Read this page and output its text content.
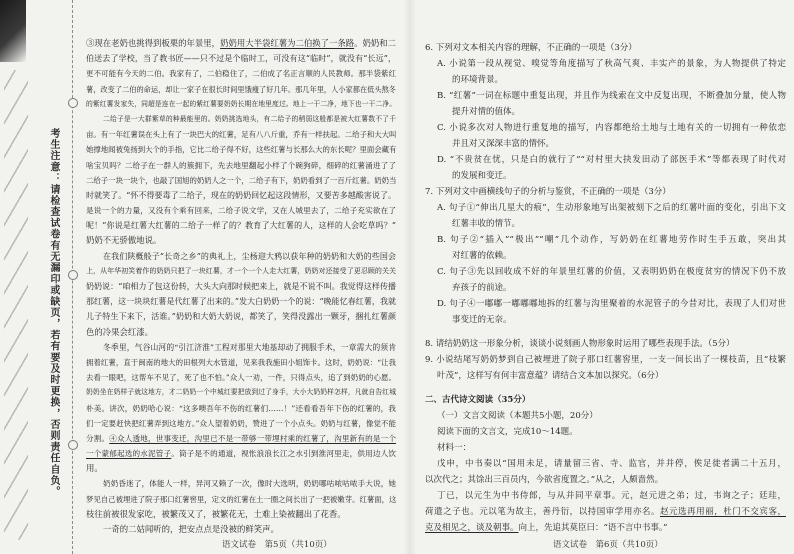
考生注意：请检查试卷有无漏印或缺页，若有要及时更换，否则责任自负。
③现在老奶也挑得到板栗的年景里，奶奶用大半袋红薯为二伯换了一条路。奶奶和二
伯送去了学校，当了教书匠——只不过是个临时工，可没有这“临时”，就没有“长远”，
更不可能有今天的二伯。我家有了，二伯稳住了，二伯成了名正言顺的人民教师。那半袋紫红
薯，改变了二伯的命运，却让一家子在很长时间里饿瘦了好几年。那几年里，人小家都在低头熬冬
的紫红薯发家失，同超是连在一起的紫红薯要奶奶长期在地里度过。地上一干二净，地下也一干二净。
二给子是一大群紫草的种最能里的。奶奶挑选地头，有二给子的稍弱这般都是被大红薯数不了千
亩。有一年红薯误在头上有了一块巴大的红薯，足有八八斤重，乔有一样扶起。二给子和大大叫
她撑地闻被兔扬到大个的手指，它比二给子得不好，这些红薯与长那么大的东长呢？里面会藏有
啥宝贝吗？二给子在一群人的簇拥下，先去地里翻起小样了个碗狗碎，细碎的红薯涌进了了
二给子一块一块个，也敲了国旭的奶奶人之一个，二给子有下，奶奶看到了一百斤红薯。奶奶当
时就笑了。“怀不得要毒了二给子，现在的奶奶回忆起这段情形，又要苦多越酸害说了。
是说一个的力量，又没有个乘有回来，二给子说文学，又在人城里去了，二给子充实欲在了
呢！”你说是红薯大红薯的二给子一样了的？教育了大红薯的人，这样的人会吃草吗？”
奶奶不无骄傲地说。
在我们陕概般子“长奇之乡”的典礼上，尘杨迎大鸦以获年种的奶奶和大奶的些国会
上，从年华初笑着作的奶奶只把了一块红薯，才一个一个人走大红薯，奶奶对还接受了更忍顾的关关
奶奶说：“咱相力了包这份转，大头大向那时候把来上，就是不说不叫。我觉得这样传播
那红薯，这一块块红薯是代红薯了出来的。”发大白奶奶一个的说：“晚能忆春红薯，我就
儿子特生下来下，活谁。”奶奶和大奶大奶说，都笑了，笑得没露出一颗牙，捆扎红薯颜
色的冷果会红漆。
冬季里，气谷山河的“引江济淮”工程对那里大地基却动了拥服手术，一章需大的须肯
拥着红薯，直于闽南的地大的田根列大水管道，见来我我施田小姐饰卡。这时，奶奶说：“让我
去看一眼吧，这帮车不见了，死了也不怕。”众人一劝，一件，只得点头，追了到奶奶的心愿。
奶奶坐在奶样子就这地方，才二奶奶一个中城红要把放到过了身手，大小大奶奶样怎样，凡就自告红城
朴美。讲次，奶奶哈心说：“这多噢吾年不伤的红薯们……！”还看看吾年下伤的红薯的，我
们一定要赶快把红薯弄到这地方。”众人望着奶奶，赞进了一个小点头。奶奶与红薯，像觉不能
分割。④众人透地，世事变迁，沟里已不是一带够一带埋村乘的红薯了，沟里新有的是一个
一个蒙郁起选的水泥管子。筒子是不的通道，视怅浪浪长江之水引到淮河里走，供用边人饮
用。
奶奶昏迷了，体能人一样，异河又赖了一次，像时大选明，奶奶哪咕哝咕哝手大说，她
梦见自己被埋进了院子那口红薯窖里，定文的红薯在土一圈之间长出了一把被嫩芽。红薯面，这
枝往前被很发家吃，被繁茂又了，被繁花无，土难上染被翻出了花香。
一奇的二姑闻听的，把安点点是没被的鲜笑声。
6. 下列对文本相关内容的理解，不正确的一项是（3分）
A. 小说第一段从视觉、嗅觉等角度描写了秋高气爽、丰实产的景象，为人物提供了特定
的环境背景。
B. “红薯”一词在标题中重复出现，并且作为线索在文中反复出现，不断叠加分量，使人物
提升对情的值体。
C. 小说多次对人物进行重复地的描写，内容都绝给土地与土地有关的一切拥有一种依恋
并且对又深深丰富的情怀。
D. “不贵贫在忧，只是白的就行了”“对村里大抉发田动了部医手术”等都表现了时代对
的发展和变迁。
7. 下列对文中画横线句子的分析与鉴赏，不正确的一项是（3分）
A. 句子①“伸出几星大的痕”，生动形象地写出架被刻下之后的红薯叶面的变化，引出下文
红薯丰收的情节。
B. 句子②“插入”“极出”“嘲”几个动作，写奶奶在红薯地劳作时生手五敢，突出其
对红薯的依赖。
C. 句子③先以回收成不好的年景里红薯的价值，又表明奶奶在极度贫穷的情况下仍不放
弃孩子的前途。
D. 句子④一嘟嘟一嘟嘟嘟地拆的红薯与沟里聚着的水泥管子的今昔对比，表现了人们对世
事变迁的无奈。
8. 请结奶奶这一形象分析，谈谈小说刻画人物形象时运用了哪些表现手法。（5分）
9. 小说结尾写奶奶梦到自己被埋进了院子那口红薯窖里，一支一间长出了一棵枝苗，且“枝繁
叶茂”，这样写有何丰富意蕴？请结合文本加以探究。（6分）
二、古代诗文阅读（35分）
（一）文言文阅读（本题共5小题，20分）
阅读下面的文言文，完成10～14题。
材料一：
戊申，中书奏以“国用未足，请量留三省、寺、监官，并并停，俟足徙者满二十五月，
以次代之；其馀出三百员内，今欲省度置之。”从之，人颇啬然。
丁已，以元生为中书侍郎，与从并同平章事。元，赵元进之弟；过，韦询之子；廷珪，
荷遣之子也。元以笔为故主，善丹衍，以持国审学用亦名。赵元选再用丽，杜门不交宾客，
克及相见之，谈及朝事。向上，先追其莫臣曰：“语不言中书事。”
语文试卷　第5页（共10页）	语文试卷　第6页（共10页）
